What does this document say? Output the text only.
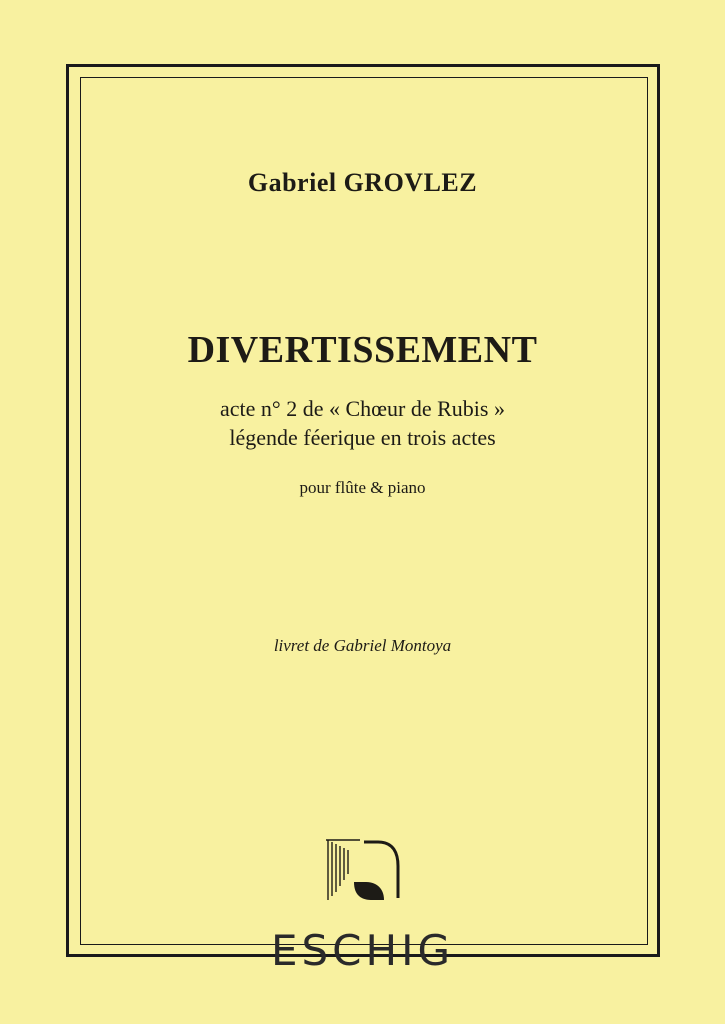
Gabriel GROVLEZ
DIVERTISSEMENT
acte n° 2 de « Chœur de Rubis »
légende féerique en trois actes
pour flûte & piano
livret de Gabriel Montoya
ESCHIG
